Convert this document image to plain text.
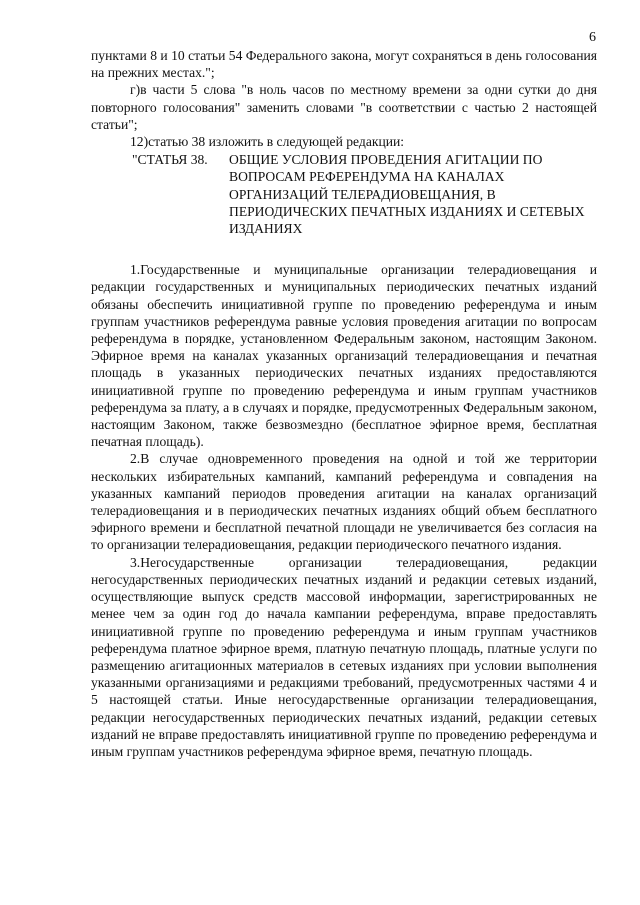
6

пунктами 8 и 10 статьи 54 Федерального закона, могут сохраняться в день голосования на прежних местах.";

г)в части 5 слова "в ноль часов по местному времени за одни сутки до дня повторного голосования" заменить словами "в соответствии с частью 2 настоящей статьи";

12)статью 38 изложить в следующей редакции:

"СТАТЬЯ 38.	ОБЩИЕ УСЛОВИЯ ПРОВЕДЕНИЯ АГИТАЦИИ ПО ВОПРОСАМ РЕФЕРЕНДУМА НА КАНАЛАХ ОРГАНИЗАЦИЙ ТЕЛЕРАДИОВЕЩАНИЯ, В ПЕРИОДИЧЕСКИХ ПЕЧАТНЫХ ИЗДАНИЯХ И СЕТЕВЫХ ИЗДАНИЯХ

1.Государственные и муниципальные организации телерадиовещания и редакции государственных и муниципальных периодических печатных изданий обязаны обеспечить инициативной группе по проведению референдума и иным группам участников референдума равные условия проведения агитации по вопросам референдума в порядке, установленном Федеральным законом, настоящим Законом. Эфирное время на каналах указанных организаций телерадиовещания и печатная площадь в указанных периодических печатных изданиях предоставляются инициативной группе по проведению референдума и иным группам участников референдума за плату, а в случаях и порядке, предусмотренных Федеральным законом, настоящим Законом, также безвозмездно (бесплатное эфирное время, бесплатная печатная площадь).

2.В случае одновременного проведения на одной и той же территории нескольких избирательных кампаний, кампаний референдума и совпадения на указанных кампаний периодов проведения агитации на каналах организаций телерадиовещания и в периодических печатных изданиях общий объем бесплатного эфирного времени и бесплатной печатной площади не увеличивается без согласия на то организации телерадиовещания, редакции периодического печатного издания.

3.Негосударственные организации телерадиовещания, редакции негосударственных периодических печатных изданий и редакции сетевых изданий, осуществляющие выпуск средств массовой информации, зарегистрированных не менее чем за один год до начала кампании референдума, вправе предоставлять инициативной группе по проведению референдума и иным группам участников референдума платное эфирное время, платную печатную площадь, платные услуги по размещению агитационных материалов в сетевых изданиях при условии выполнения указанными организациями и редакциями требований, предусмотренных частями 4 и 5 настоящей статьи. Иные негосударственные организации телерадиовещания, редакции негосударственных периодических печатных изданий, редакции сетевых изданий не вправе предоставлять инициативной группе по проведению референдума и иным группам участников референдума эфирное время, печатную площадь.
